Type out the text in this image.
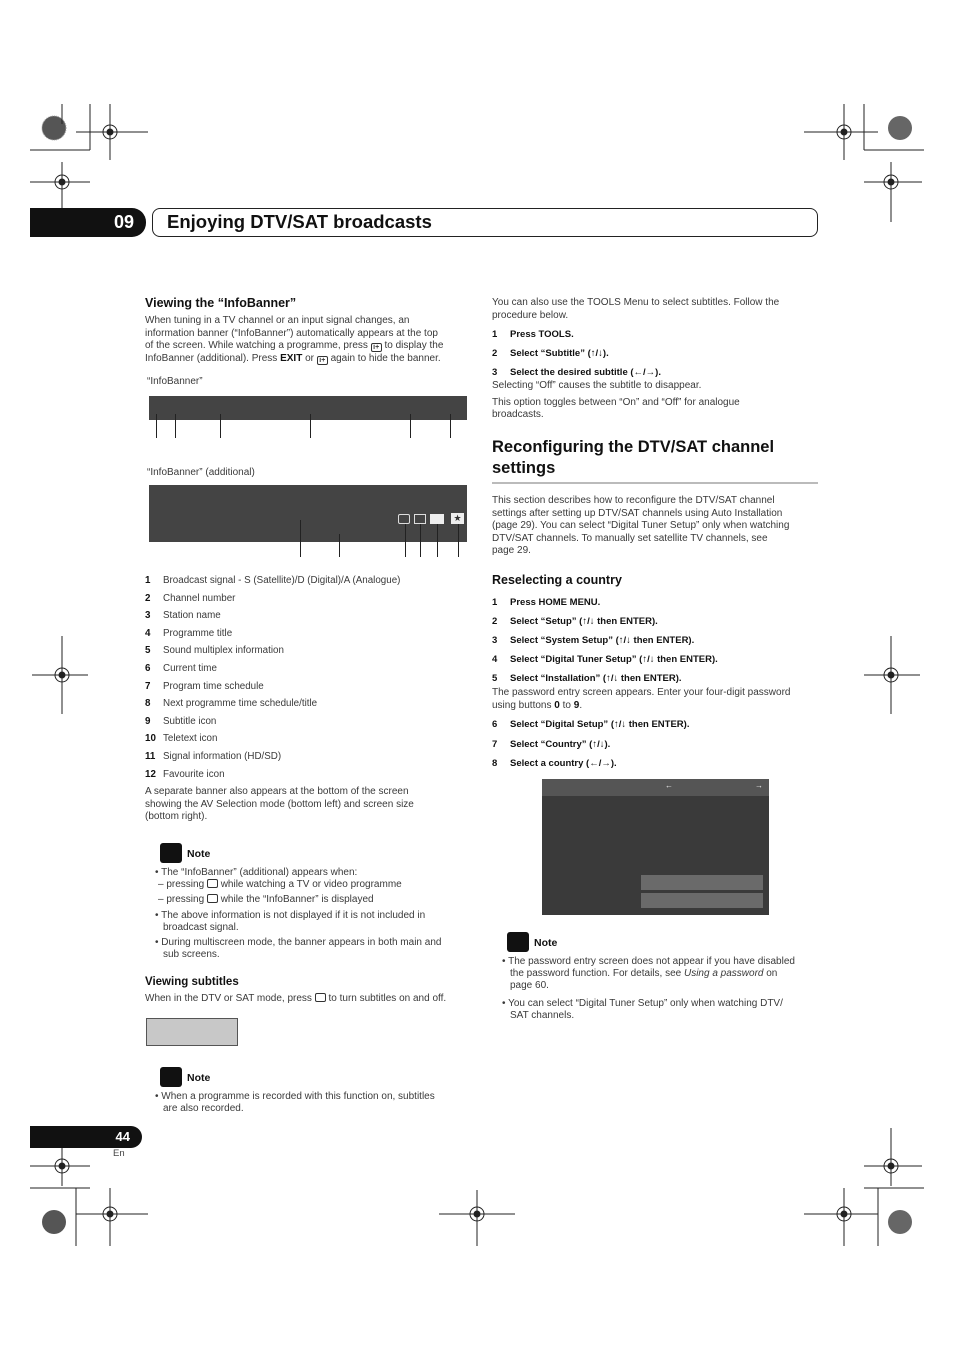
09	Enjoying DTV/SAT broadcasts
Viewing the “InfoBanner”
When tuning in a TV channel or an input signal changes, an
information banner (“InfoBanner”) automatically appears at the top
of the screen. While watching a programme, press i+ to display the
InfoBanner (additional). Press EXIT or i+ again to hide the banner.
“InfoBanner”
“InfoBanner” (additional)
★
1	Broadcast signal - S (Satellite)/D (Digital)/A (Analogue)
2	Channel number
3	Station name
4	Programme title
5	Sound multiplex information
6	Current time
7	Program time schedule
8	Next programme time schedule/title
9	Subtitle icon
10 Teletext icon
11 Signal information (HD/SD)
12 Favourite icon
A separate banner also appears at the bottom of the screen
showing the AV Selection mode (bottom left) and screen size
(bottom right).
Note
• The “InfoBanner” (additional) appears when:
– pressing while watching a TV or video programme
– pressing while the “InfoBanner” is displayed
• The above information is not displayed if it is not included in
broadcast signal.
• During multiscreen mode, the banner appears in both main and
sub screens.
Viewing subtitles
When in the DTV or SAT mode, press to turn subtitles on and off.
Note
• When a programme is recorded with this function on, subtitles
are also recorded.
You can also use the TOOLS Menu to select subtitles. Follow the
procedure below.
1 Press TOOLS.
2 Select “Subtitle” (↑/↓).
3 Select the desired subtitle (←/→).
Selecting “Off” causes the subtitle to disappear.
This option toggles between “On” and “Off” for analogue
broadcasts.
Reconfiguring the DTV/SAT channel
settings
This section describes how to reconfigure the DTV/SAT channel
settings after setting up DTV/SAT channels using Auto Installation
(page 29). You can select “Digital Tuner Setup” only when watching
DTV/SAT channels. To manually set satellite TV channels, see
page 29.
Reselecting a country
1 Press HOME MENU.
2 Select “Setup” (↑/↓ then ENTER).
3 Select “System Setup” (↑/↓ then ENTER).
4 Select “Digital Tuner Setup” (↑/↓ then ENTER).
5 Select “Installation” (↑/↓ then ENTER).
The password entry screen appears. Enter your four-digit password
using buttons 0 to 9.
6 Select “Digital Setup” (↑/↓ then ENTER).
7 Select “Country” (↑/↓).
8 Select a country (←/→).
←	→
Note
• The password entry screen does not appear if you have disabled
the password function. For details, see Using a password on
page 60.
• You can select “Digital Tuner Setup” only when watching DTV/
SAT channels.
44
En
